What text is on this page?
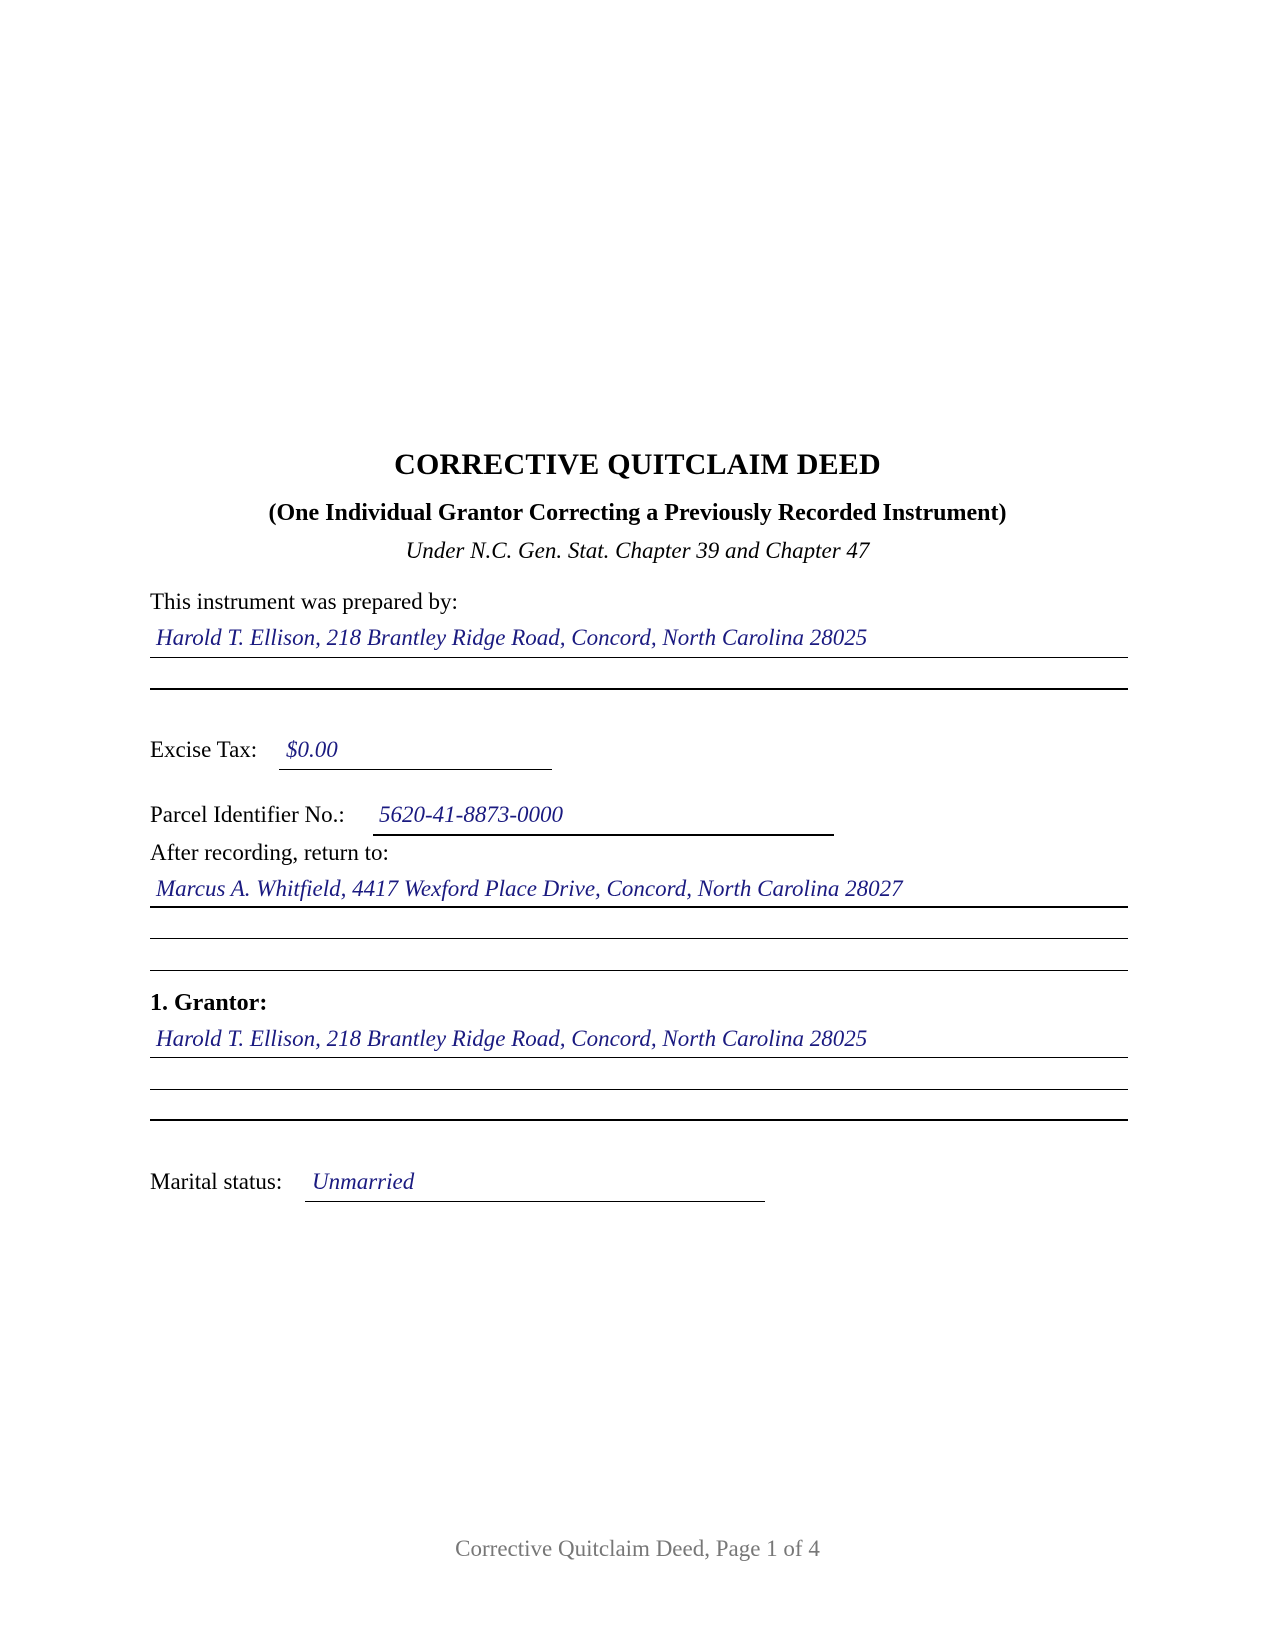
CORRECTIVE QUITCLAIM DEED
(One Individual Grantor Correcting a Previously Recorded Instrument)
Under N.C. Gen. Stat. Chapter 39 and Chapter 47
This instrument was prepared by:
Harold T. Ellison, 218 Brantley Ridge Road, Concord, North Carolina 28025
Excise Tax: $0.00
Parcel Identifier No.: 5620-41-8873-0000
After recording, return to:
Marcus A. Whitfield, 4417 Wexford Place Drive, Concord, North Carolina 28027
1. Grantor:
Harold T. Ellison, 218 Brantley Ridge Road, Concord, North Carolina 28025
Marital status: Unmarried
Corrective Quitclaim Deed, Page 1 of 4
